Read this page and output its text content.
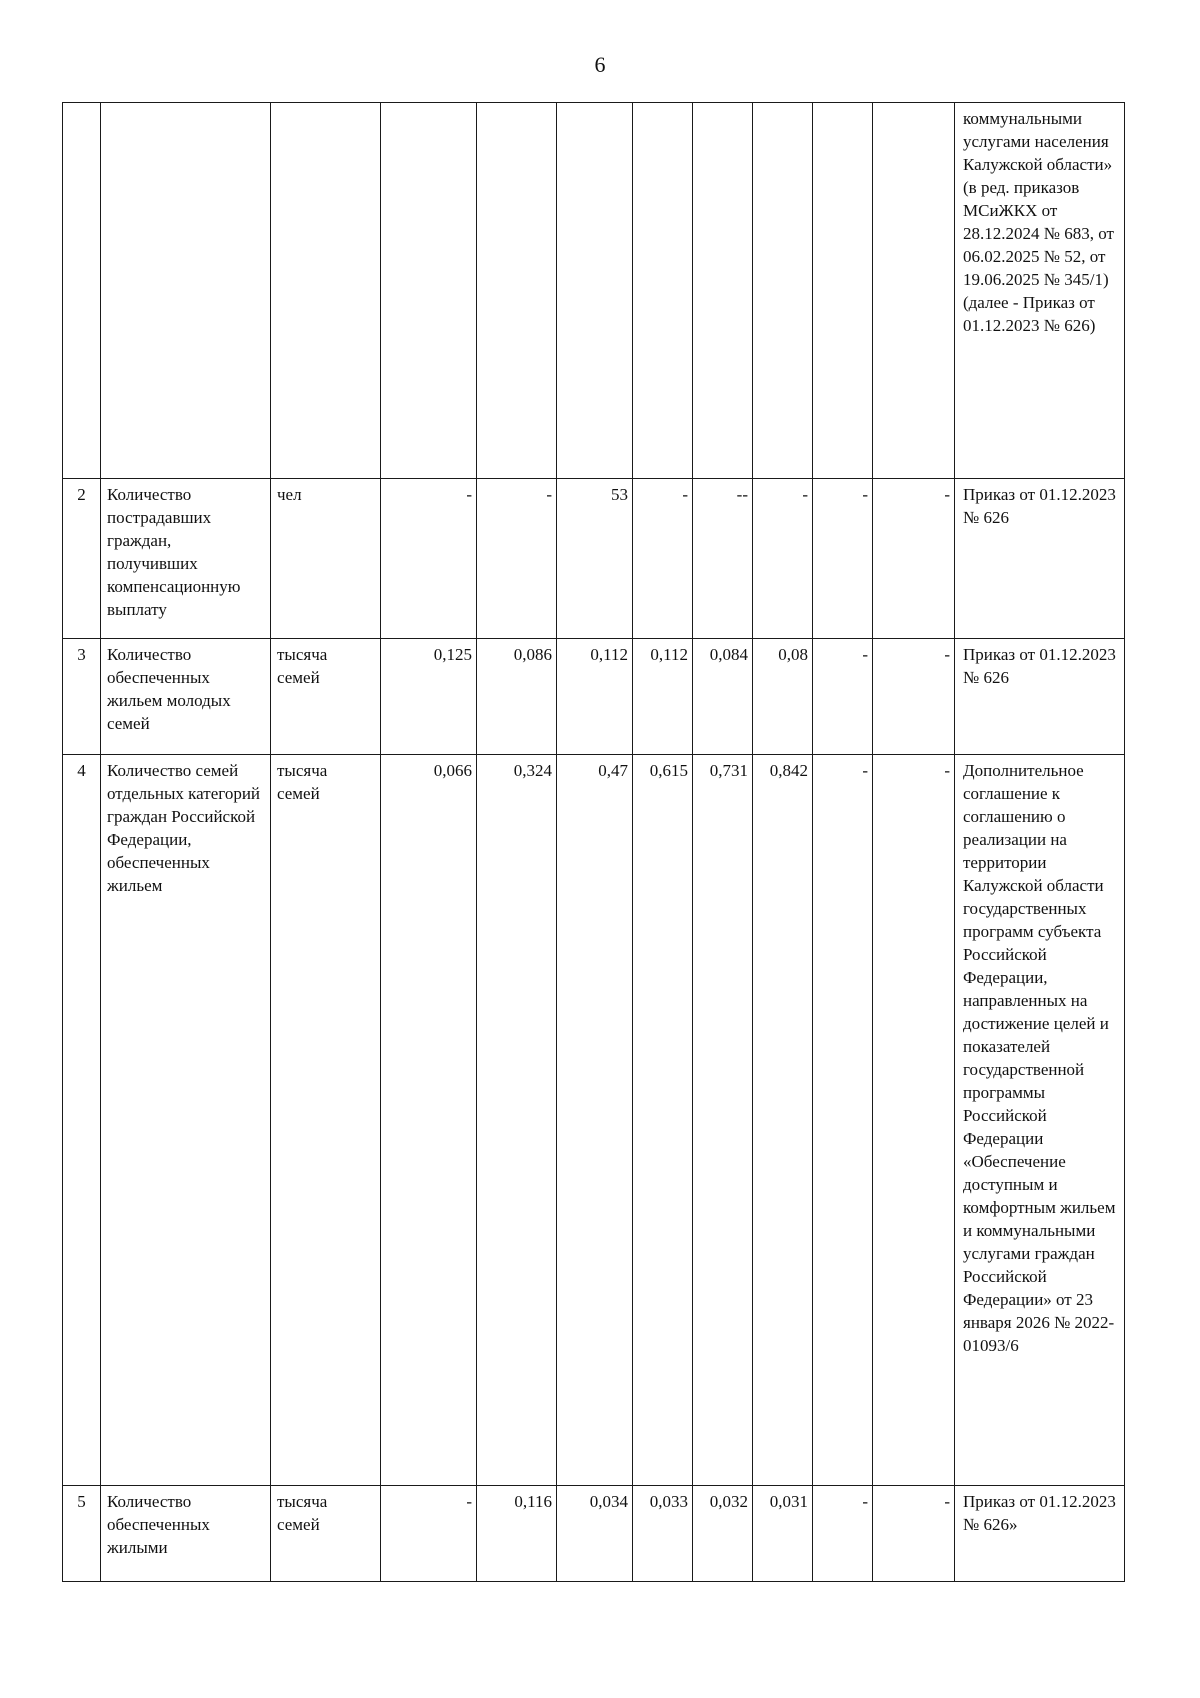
6
											коммунальными услугами населения Калужской области» (в ред. приказов МСиЖКХ от 28.12.2024 № 683, от 06.02.2025 № 52, от 19.06.2025 № 345/1) (далее - Приказ от 01.12.2023 № 626)
2	Количество пострадавших граждан, получивших компенсационную выплату	чел	-	-	53	-	--	-	-	-	Приказ от 01.12.2023 № 626
3	Количество обеспеченных жильем молодых семей	тысяча семей	0,125	0,086	0,112	0,112	0,084	0,08	-	-	Приказ от 01.12.2023 № 626
4	Количество семей отдельных категорий граждан Российской Федерации, обеспеченных жильем	тысяча семей	0,066	0,324	0,47	0,615	0,731	0,842	-	-	Дополнительное соглашение к соглашению о реализации на территории Калужской области государственных программ субъекта Российской Федерации, направленных на достижение целей и показателей государственной программы Российской Федерации «Обеспечение доступным и комфортным жильем и коммунальными услугами граждан Российской Федерации» от 23 января 2026 № 2022-01093/6
5	Количество обеспеченных жилыми	тысяча семей	-	0,116	0,034	0,033	0,032	0,031	-	-	Приказ от 01.12.2023 № 626»
